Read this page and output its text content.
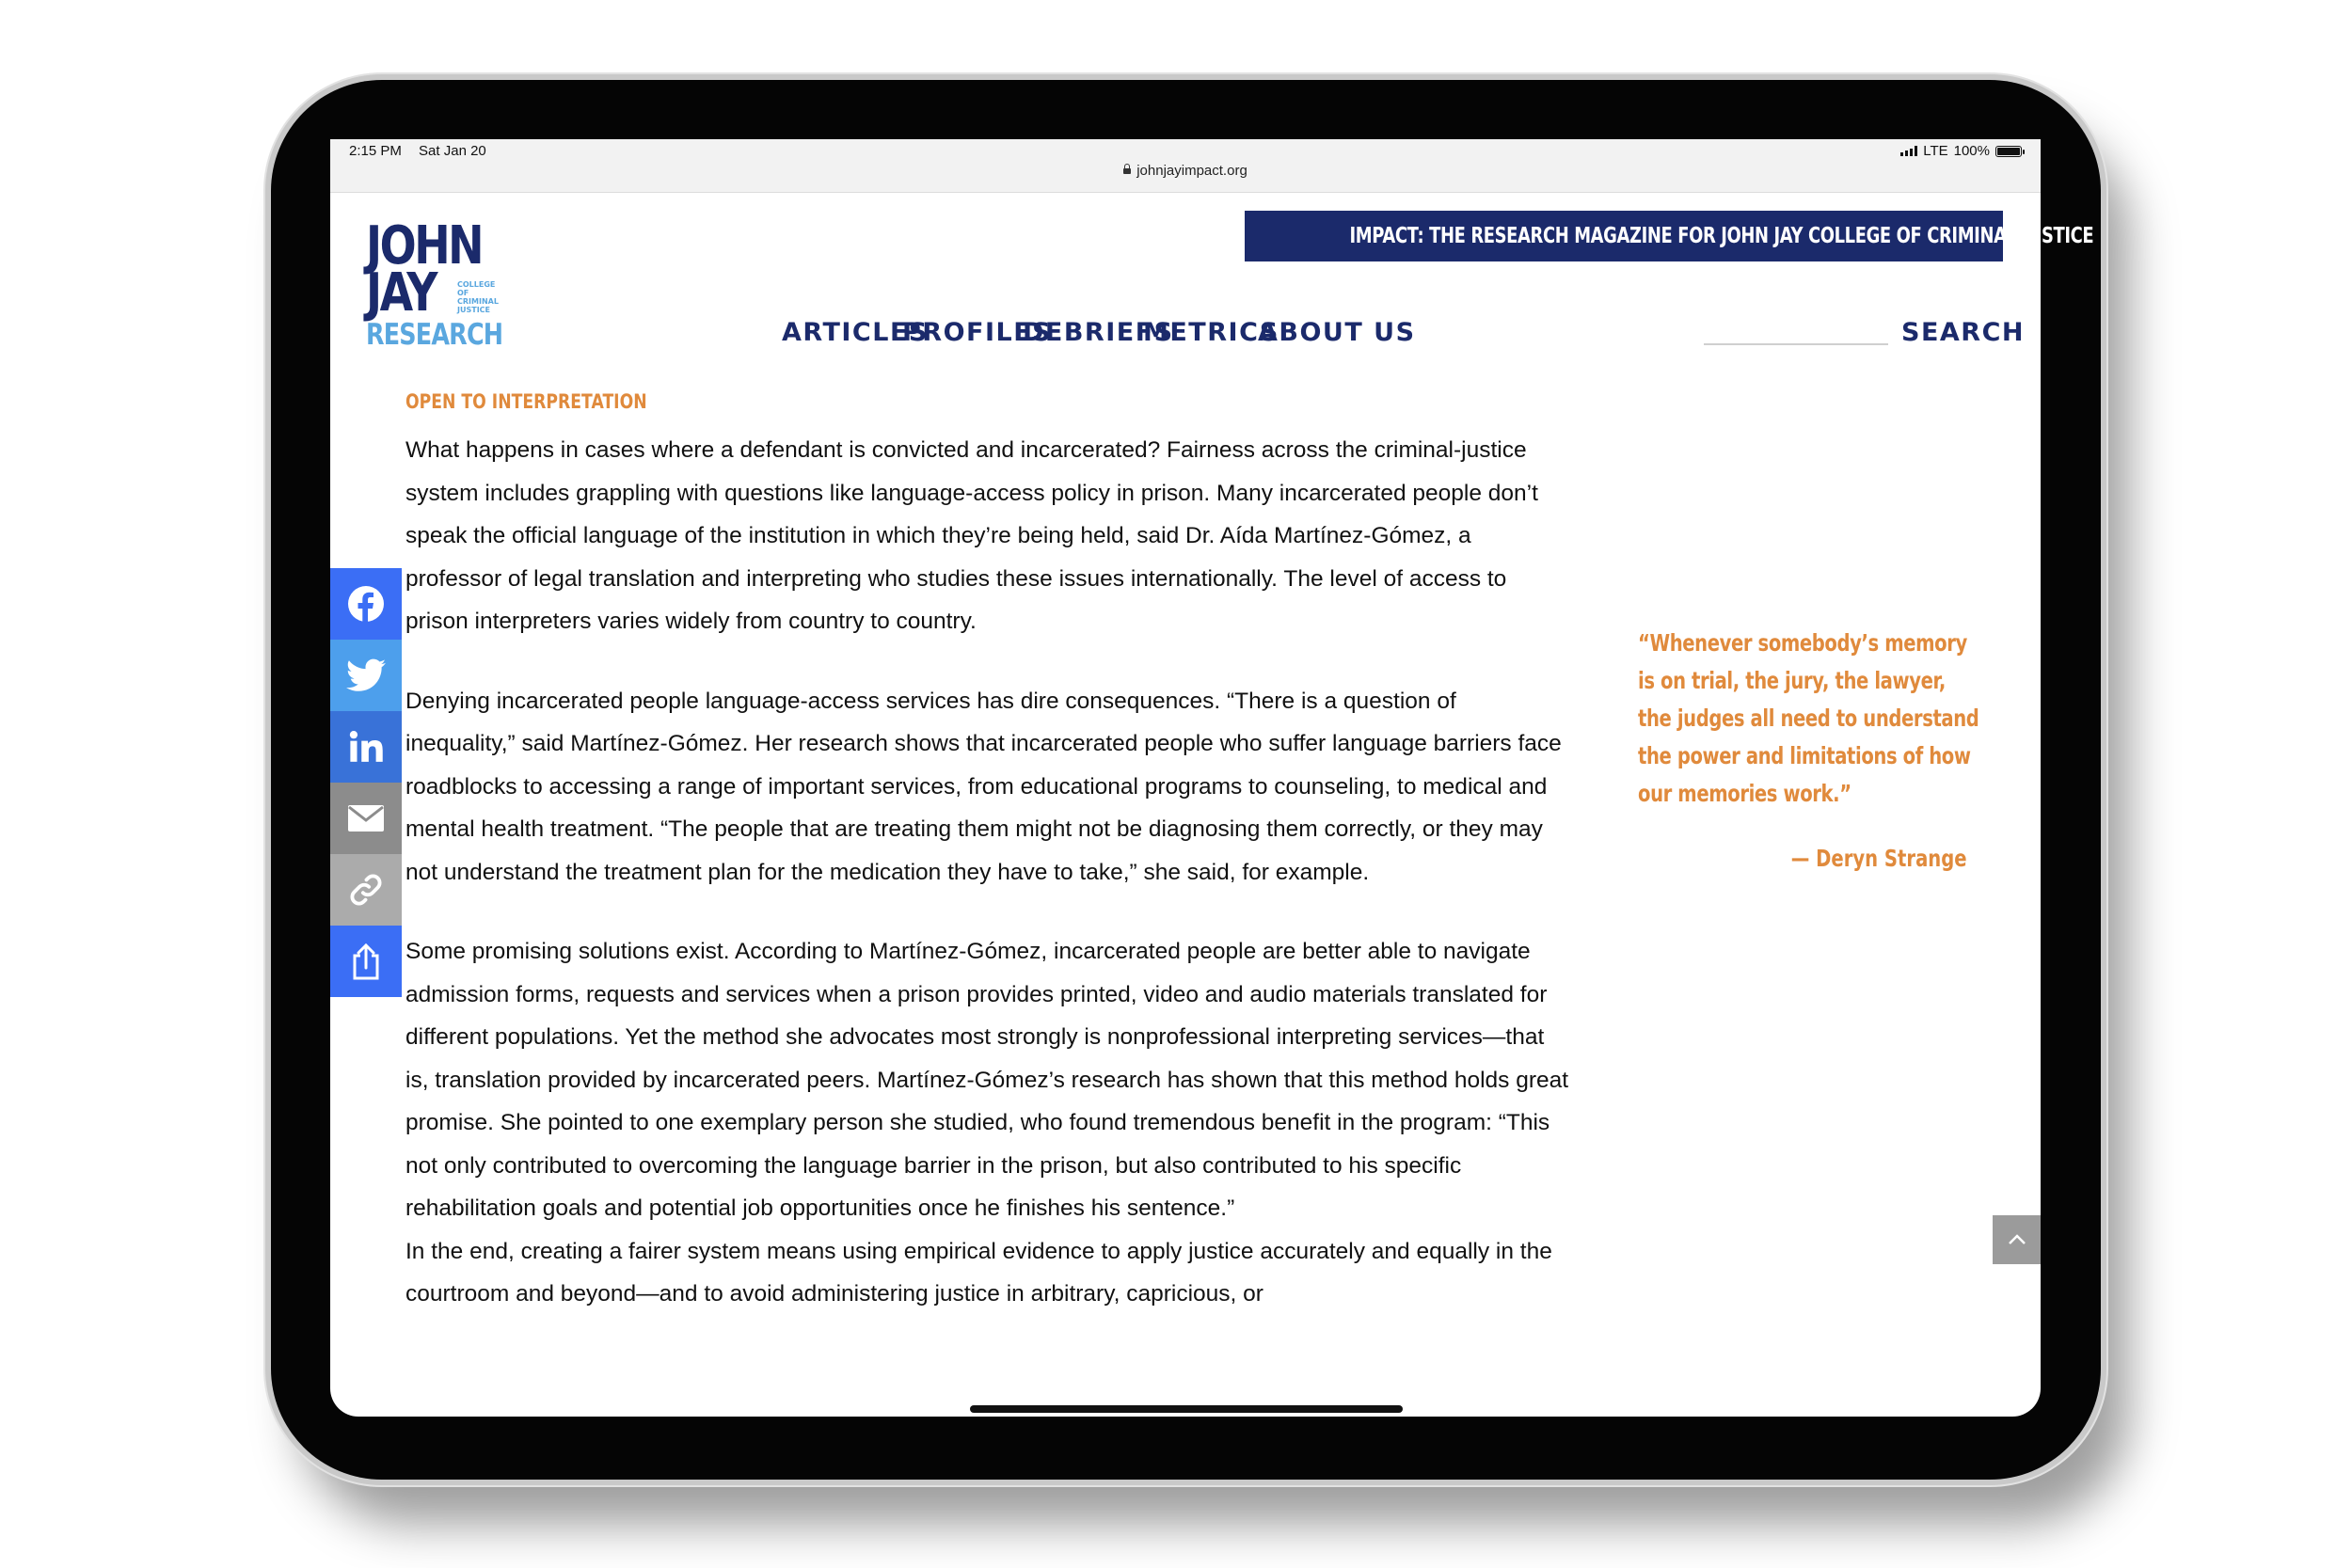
2:15 PM Sat Jan 20
johnjayimpact.org
LTE 100%
JOHN
JAY	COLLEGE
OF
CRIMINAL
JUSTICE
RESEARCH
IMPACT: THE RESEARCH MAGAZINE FOR JOHN JAY COLLEGE OF CRIMINAL JUSTICE
ARTICLES
PROFILES
DEBRIEFS
METRICS
ABOUT US	SEARCH
OPEN TO INTERPRETATION

What happens in cases where a defendant is convicted and incarcerated? Fairness across the criminal-justice system includes grappling with questions like language-access policy in prison. Many incarcerated people don’t speak the official language of the institution in which they’re being held, said Dr. Aída Martínez-Gómez, a professor of legal translation and interpreting who studies these issues internationally. The level of access to prison interpreters varies widely from country to country.

Denying incarcerated people language-access services has dire consequences. “There is a question of inequality,” said Martínez-Gómez. Her research shows that incarcerated people who suffer language barriers face roadblocks to accessing a range of important services, from educational programs to counseling, to medical and mental health treatment. “The people that are treating them might not be diagnosing them correctly, or they may not understand the treatment plan for the medication they have to take,” she said, for example.

Some promising solutions exist. According to Martínez-Gómez, incarcerated people are better able to navigate admission forms, requests and services when a prison provides printed, video and audio materials translated for different populations. Yet the method she advocates most strongly is nonprofessional interpreting services—that is, translation provided by incarcerated peers. Martínez-Gómez’s research has shown that this method holds great promise. She pointed to one exemplary person she studied, who found tremendous benefit in the program: “This not only contributed to overcoming the language barrier in the prison, but also contributed to his specific rehabilitation goals and potential job opportunities once he finishes his sentence.”

In the end, creating a fairer system means using empirical evidence to apply justice accurately and equally in the courtroom and beyond—and to avoid administering justice in arbitrary, capricious, or

“Whenever somebody’s memory is on trial, the jury, the lawyer, the judges all need to understand the power and limitations of how our memories work.”
— Deryn Strange
